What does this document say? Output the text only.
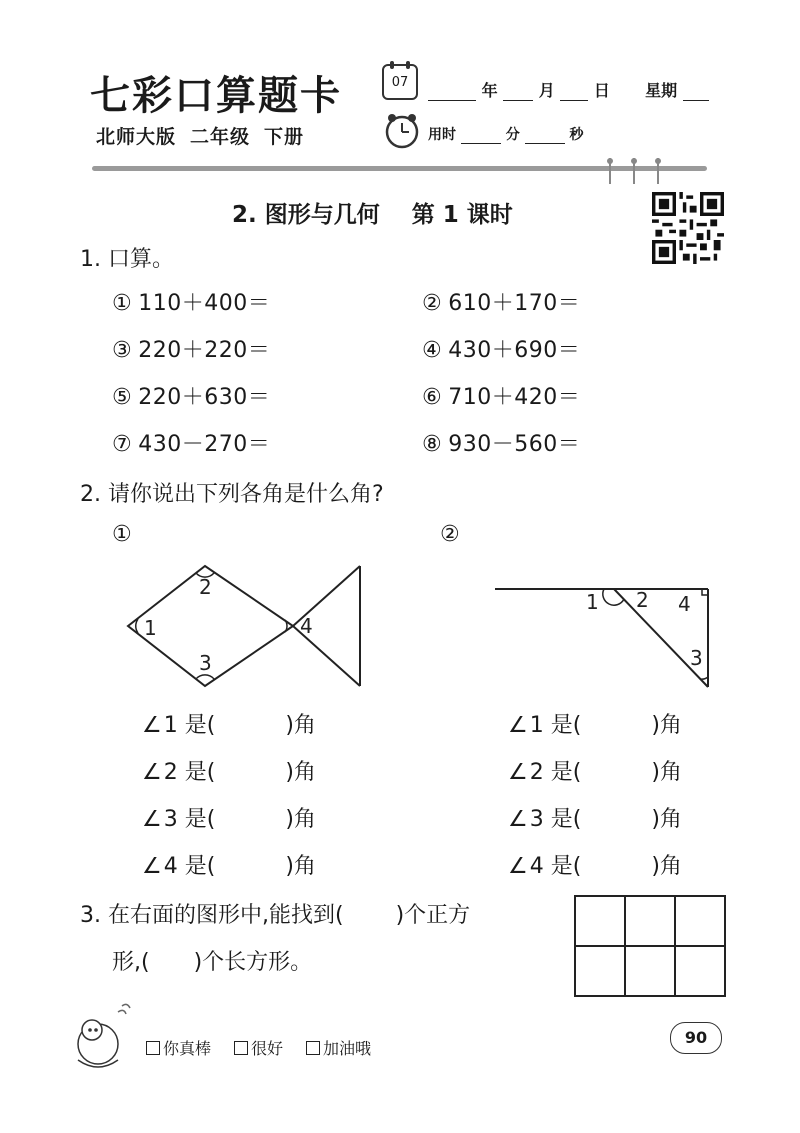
七彩口算题卡
北师大版 二年级 下册
07	年	月 日 星期
用时	分	秒
2. 图形与几何 第 1 课时
1. 口算。
① 110＋400＝	② 610＋170＝
③ 220＋220＝	④ 430＋690＝
⑤ 220＋630＝	⑥ 710＋420＝
⑦ 430－270＝	⑧ 930－560＝
2. 请你说出下列各角是什么角?
①	②
1
2
3
4
1 2
3
4
∠1 是(	)角
∠2 是(	)角
∠3 是(	)角
∠4 是(	)角
∠1 是(	)角
∠2 是(	)角
∠3 是(	)角
∠4 是(	)角
3. 在右面的图形中,能找到( )个正方
形,( )个长方形。
你真棒	很好	加油哦
90
